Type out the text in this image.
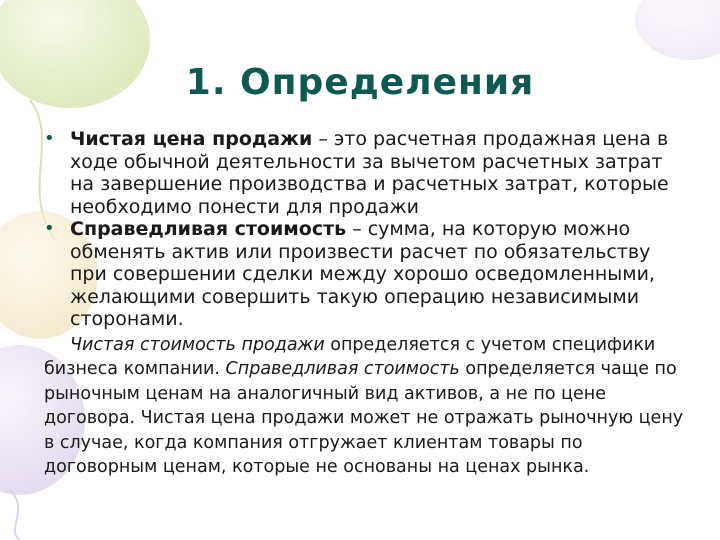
1. Определения
• Чистая цена продажи – это расчетная продажная цена в ходе обычной деятельности за вычетом расчетных затрат на завершение производства и расчетных затрат, которые необходимо понести для продажи
• Справедливая стоимость – сумма, на которую можно обменять актив или произвести расчет по обязательству при совершении сделки между хорошо осведомленными, желающими совершить такую операцию независимыми сторонами.
Чистая стоимость продажи определяется с учетом специфики бизнеса компании. Справедливая стоимость определяется чаще по рыночным ценам на аналогичный вид активов, а не по цене договора. Чистая цена продажи может не отражать рыночную цену в случае, когда компания отгружает клиентам товары по договорным ценам, которые не основаны на ценах рынка.
